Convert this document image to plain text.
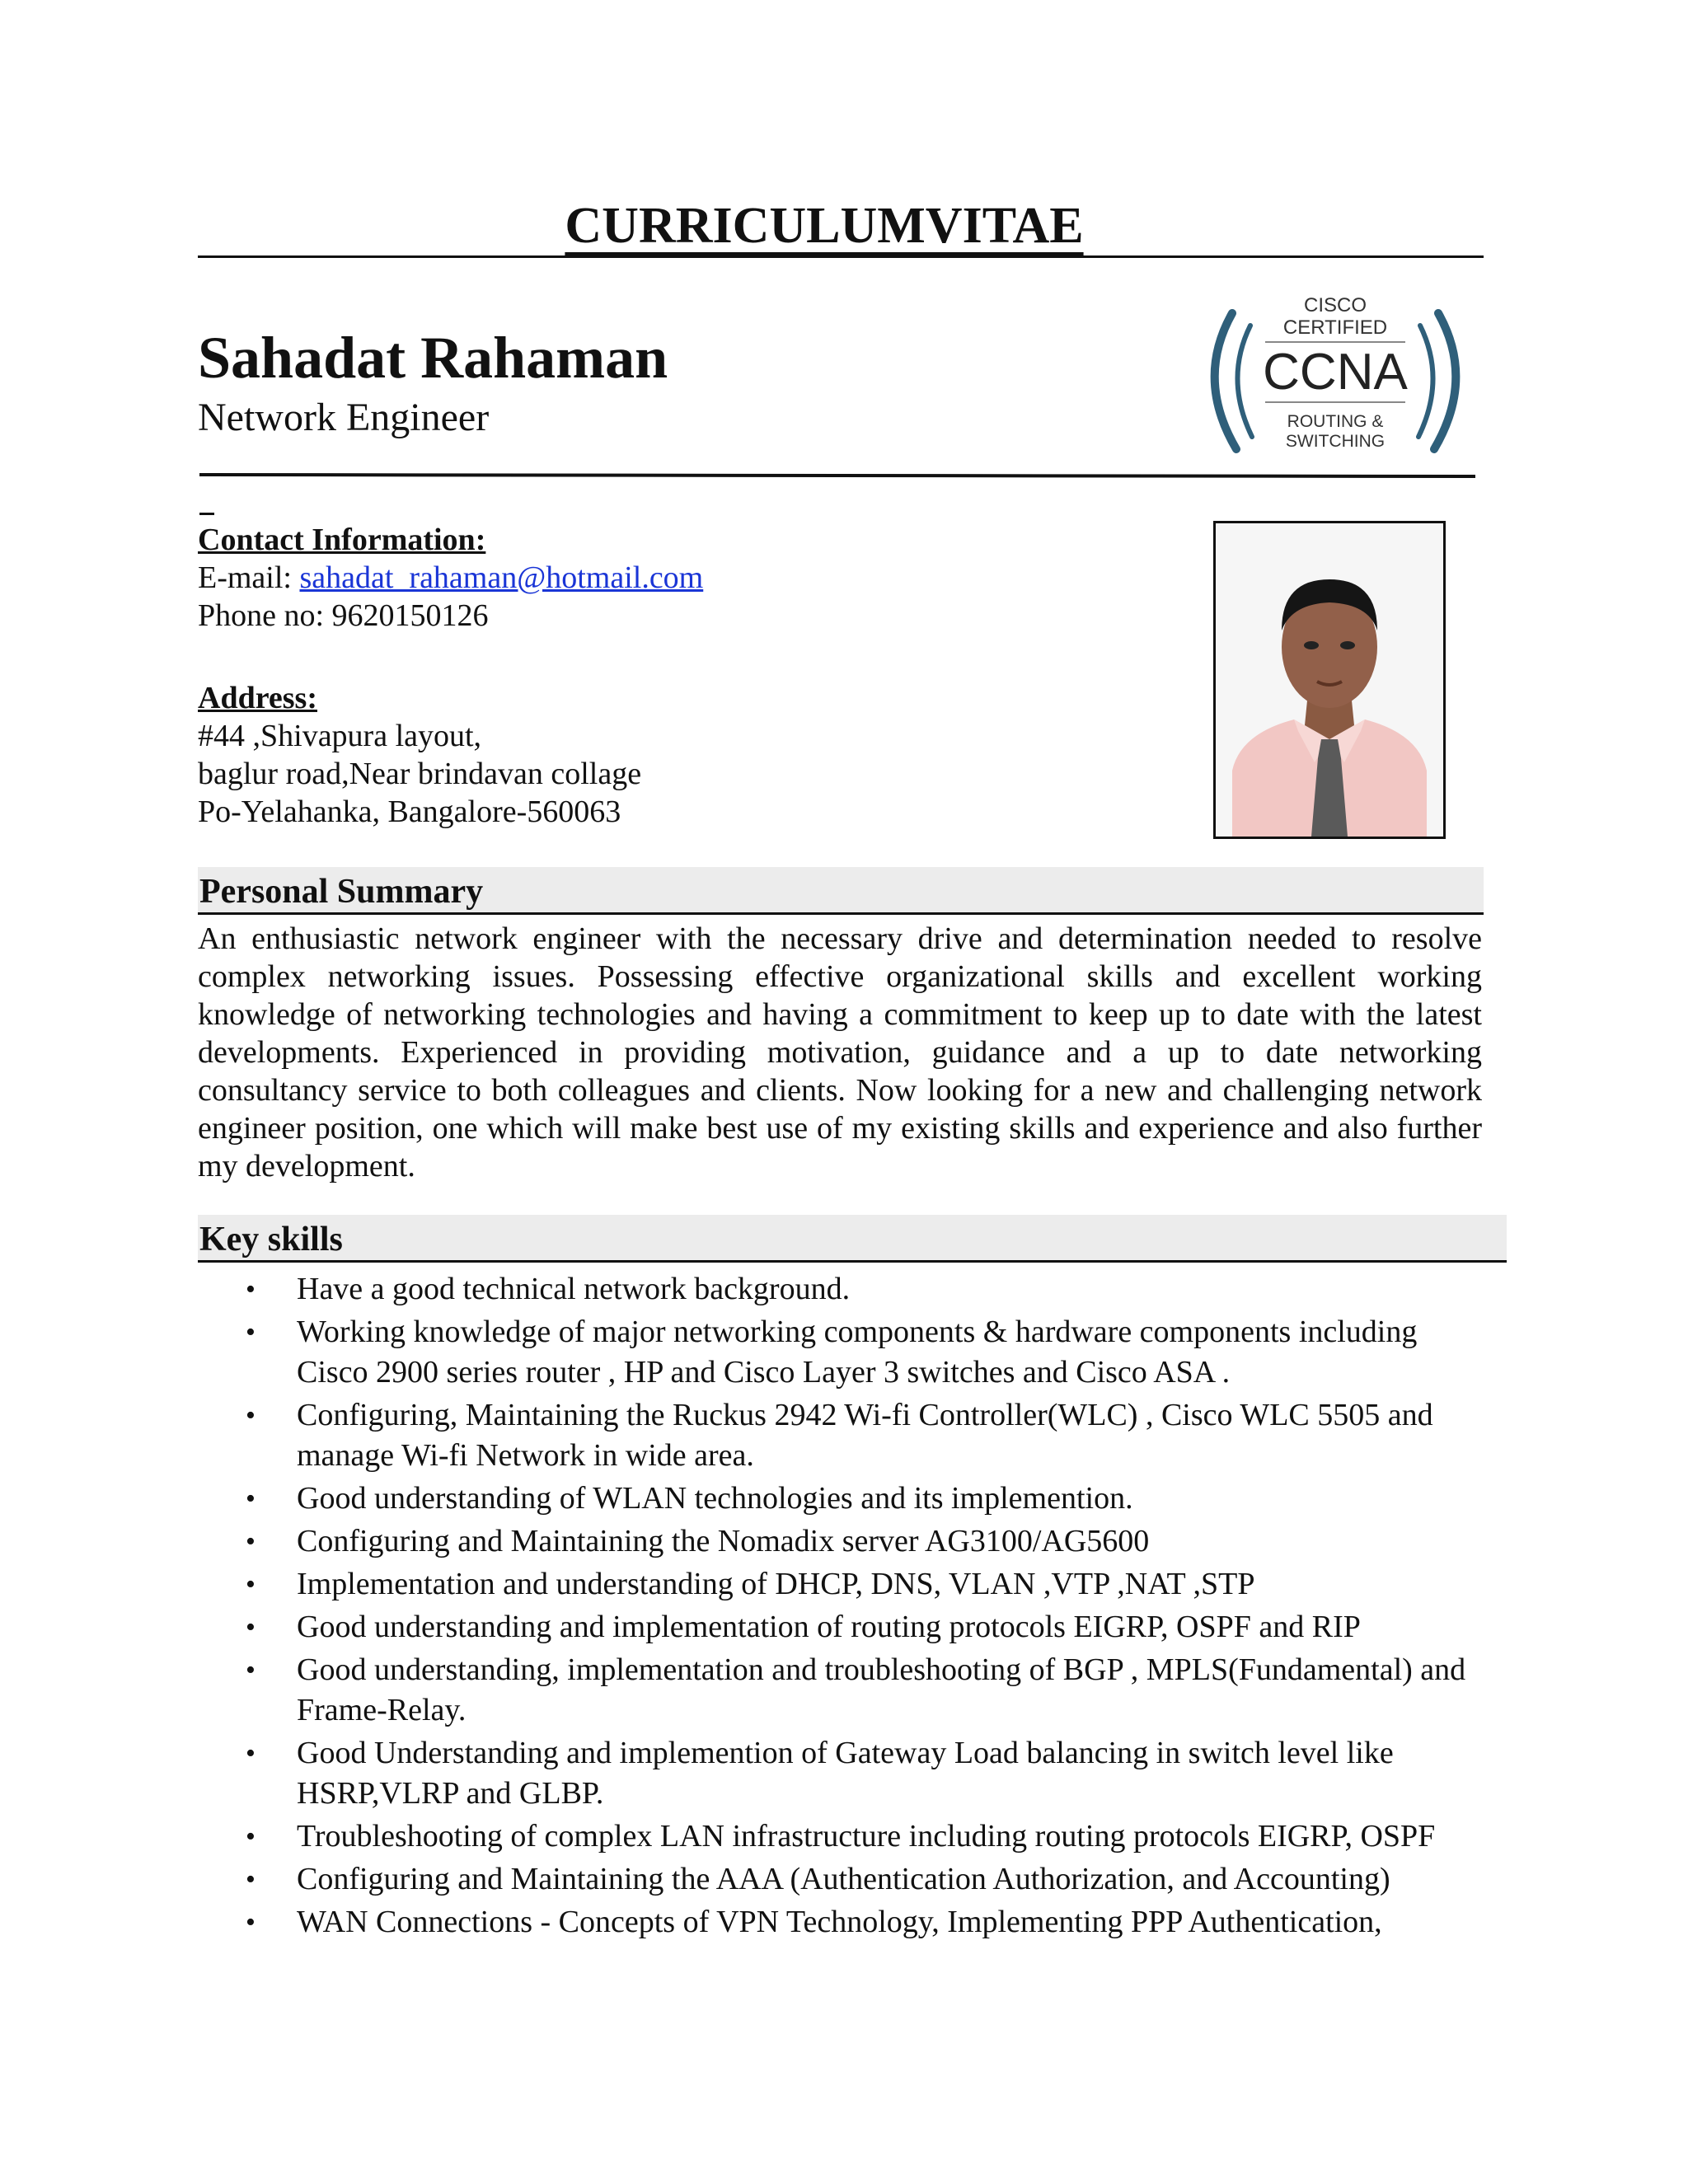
CURRICULUMVITAE
Sahadat Rahaman
Network Engineer
CISCO
CERTIFIED
CCNA
ROUTING &
SWITCHING
Contact Information:
E-mail: sahadat_rahaman@hotmail.com
Phone no: 9620150126
Address:
#44 ,Shivapura layout,
baglur road,Near brindavan collage
Po-Yelahanka, Bangalore-560063
Personal Summary
An enthusiastic network engineer with the necessary drive and determination needed to resolve complex networking issues. Possessing effective organizational skills and excellent working knowledge of networking technologies and having a commitment to keep up to date with the latest developments. Experienced in providing motivation, guidance and a up to date networking consultancy service to both colleagues and clients. Now looking for a new and challenging network engineer position, one which will make best use of my existing skills and experience and also further my development.
Key skills
• Have a good technical network background.
• Working knowledge of major networking components & hardware components including Cisco 2900 series router , HP and Cisco Layer 3 switches and Cisco ASA .
• Configuring, Maintaining the Ruckus 2942 Wi-fi Controller(WLC) , Cisco WLC 5505 and manage Wi-fi Network in wide area.
• Good understanding of WLAN technologies and its implemention.
• Configuring and Maintaining the Nomadix server AG3100/AG5600
• Implementation and understanding of DHCP, DNS, VLAN ,VTP ,NAT ,STP
• Good understanding and implementation of routing protocols EIGRP, OSPF and RIP
• Good understanding, implementation and troubleshooting of BGP , MPLS(Fundamental) and Frame-Relay.
• Good Understanding and implemention of Gateway Load balancing in switch level like HSRP,VLRP and GLBP.
• Troubleshooting of complex LAN infrastructure including routing protocols EIGRP, OSPF
• Configuring and Maintaining the AAA (Authentication Authorization, and Accounting)
• WAN Connections - Concepts of VPN Technology, Implementing PPP Authentication,
